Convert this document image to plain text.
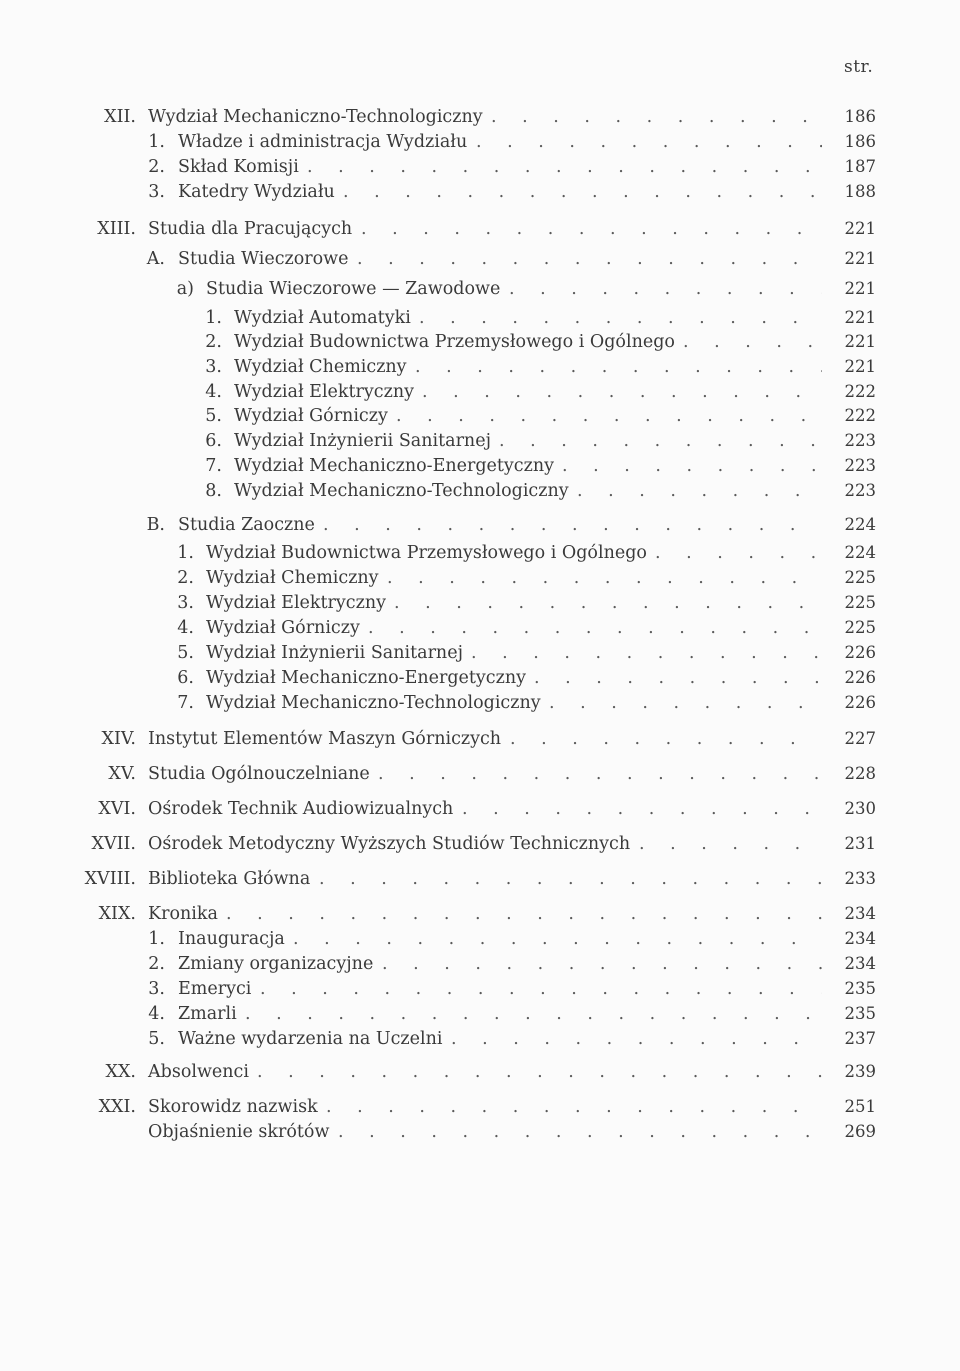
str.
XII. Wydział Mechaniczno-Technologiczny . . .	186
1. Władze i administracja Wydziału . . .	186
2. Skład Komisji . . .	187
3. Katedry Wydziału . . .	188
XIII. Studia dla Pracujących . . .	221
A. Studia Wieczorowe . . .	221
a) Studia Wieczorowe — Zawodowe . . .	221
1. Wydział Automatyki . . .	221
2. Wydział Budownictwa Przemysłowego i Ogólnego . . .	221
3. Wydział Chemiczny . . .	221
4. Wydział Elektryczny . . .	222
5. Wydział Górniczy . . .	222
6. Wydział Inżynierii Sanitarnej . . .	223
7. Wydział Mechaniczno-Energetyczny . . .	223
8. Wydział Mechaniczno-Technologiczny . . .	223
B. Studia Zaoczne . . .	224
1. Wydział Budownictwa Przemysłowego i Ogólnego . . .	224
2. Wydział Chemiczny . . .	225
3. Wydział Elektryczny . . .	225
4. Wydział Górniczy . . .	225
5. Wydział Inżynierii Sanitarnej . . .	226
6. Wydział Mechaniczno-Energetyczny . . .	226
7. Wydział Mechaniczno-Technologiczny . . .	226
XIV. Instytut Elementów Maszyn Górniczych . . .	227
XV. Studia Ogólnouczelniane . . .	228
XVI. Ośrodek Technik Audiowizualnych . . .	230
XVII. Ośrodek Metodyczny Wyższych Studiów Technicznych . . .	231
XVIII. Biblioteka Główna . . .	233
XIX. Kronika . . .	234
1. Inauguracja . . .	234
2. Zmiany organizacyjne . . .	234
3. Emeryci . . .	235
4. Zmarli . . .	235
5. Ważne wydarzenia na Uczelni . . .	237
XX. Absolwenci . . .	239
XXI. Skorowidz nazwisk . . .	251
Objaśnienie skrótów . . .	269
